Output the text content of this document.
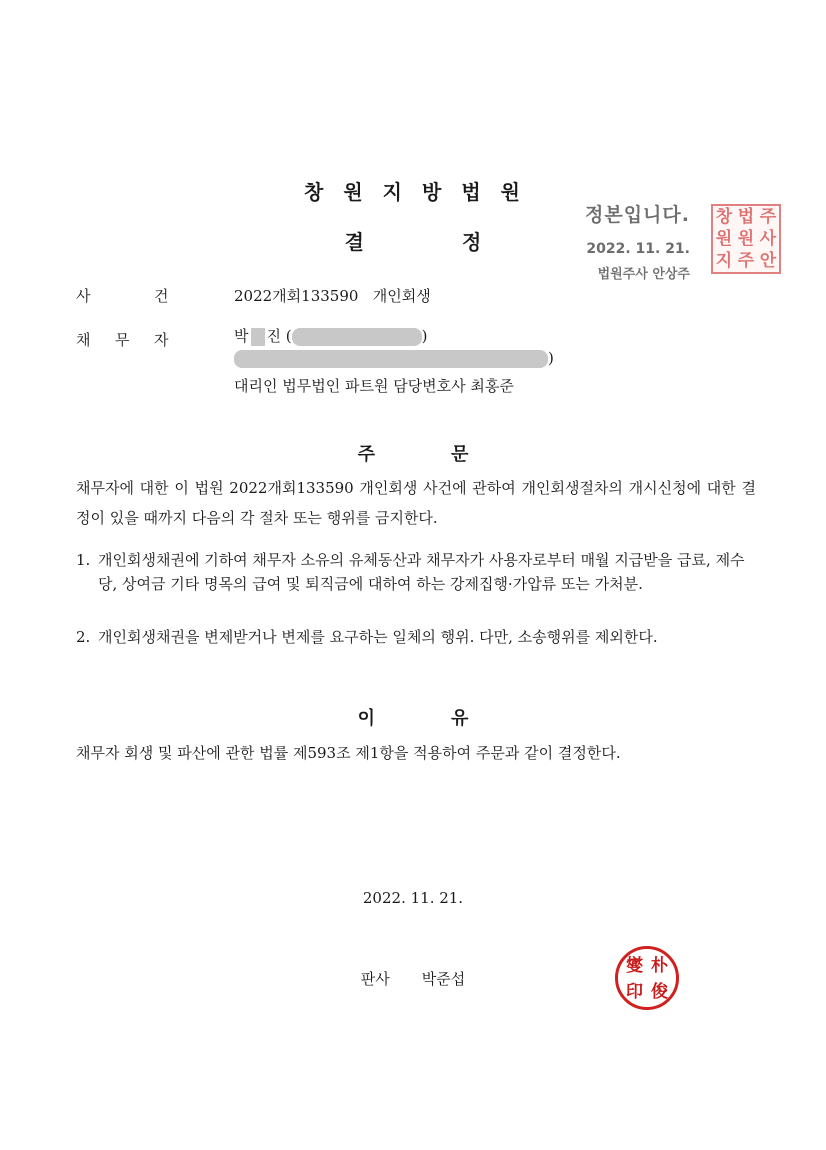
창 원 지 방 법 원
결	정
정본입니다.
2022. 11. 21.
법원주사 안상주
창 법 주
원 원 사
지 주 안
사	건	2022개회133590   개인회생
채 무 자	박 진 (	)
)
대리인 법무법인 파트원 담당변호사 최홍준
주	문
채무자에 대한 이 법원 2022개회133590 개인회생 사건에 관하여 개인회생절차의 개시신청에 대한 결정이 있을 때까지 다음의 각 절차 또는 행위를 금지한다.
1. 개인회생채권에 기하여 채무자 소유의 유체동산과 채무자가 사용자로부터 매월 지급받을 급료, 제수당, 상여금 기타 명목의 급여 및 퇴직금에 대하여 하는 강제집행·가압류 또는 가처분.
2. 개인회생채권을 변제받거나 변제를 요구하는 일체의 행위. 다만, 소송행위를 제외한다.
이	유
채무자 회생 및 파산에 관한 법률 제593조 제1항을 적용하여 주문과 같이 결정한다.
2022. 11. 21.
판사 박준섭
燮 朴
印 俊
